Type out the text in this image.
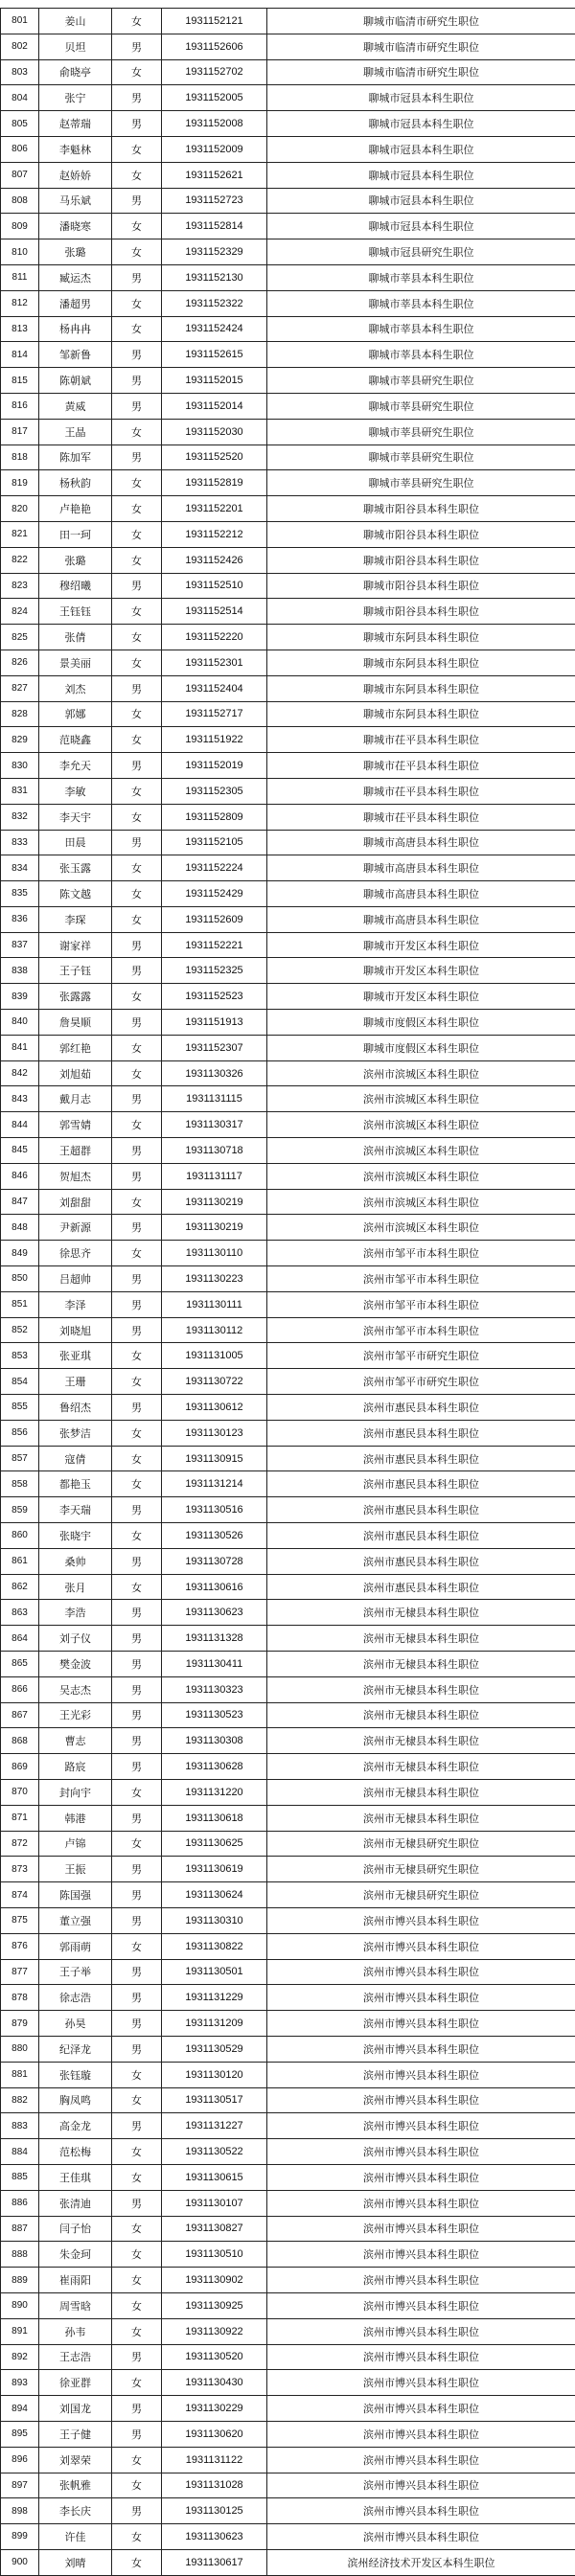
801	姜山	女	1931152121	聊城市临清市研究生职位
802	贝坦	男	1931152606	聊城市临清市研究生职位
803	俞晓亭	女	1931152702	聊城市临清市研究生职位
804	张宁	男	1931152005	聊城市冠县本科生职位
805	赵蒂瑞	男	1931152008	聊城市冠县本科生职位
806	李魁林	女	1931152009	聊城市冠县本科生职位
807	赵娇娇	女	1931152621	聊城市冠县本科生职位
808	马乐斌	男	1931152723	聊城市冠县本科生职位
809	潘晓寒	女	1931152814	聊城市冠县本科生职位
810	张璐	女	1931152329	聊城市冠县研究生职位
811	臧运杰	男	1931152130	聊城市莘县本科生职位
812	潘超男	女	1931152322	聊城市莘县本科生职位
813	杨冉冉	女	1931152424	聊城市莘县本科生职位
814	邹新鲁	男	1931152615	聊城市莘县本科生职位
815	陈朝斌	男	1931152015	聊城市莘县研究生职位
816	黄威	男	1931152014	聊城市莘县研究生职位
817	王晶	女	1931152030	聊城市莘县研究生职位
818	陈加军	男	1931152520	聊城市莘县研究生职位
819	杨秋韵	女	1931152819	聊城市莘县研究生职位
820	卢艳艳	女	1931152201	聊城市阳谷县本科生职位
821	田一珂	女	1931152212	聊城市阳谷县本科生职位
822	张璐	女	1931152426	聊城市阳谷县本科生职位
823	穆绍曦	男	1931152510	聊城市阳谷县本科生职位
824	王钰钰	女	1931152514	聊城市阳谷县本科生职位
825	张倩	女	1931152220	聊城市东阿县本科生职位
826	景美丽	女	1931152301	聊城市东阿县本科生职位
827	刘杰	男	1931152404	聊城市东阿县本科生职位
828	郭娜	女	1931152717	聊城市东阿县本科生职位
829	范晓鑫	女	1931151922	聊城市茌平县本科生职位
830	李允天	男	1931152019	聊城市茌平县本科生职位
831	李敏	女	1931152305	聊城市茌平县本科生职位
832	李天宇	女	1931152809	聊城市茌平县本科生职位
833	田晨	男	1931152105	聊城市高唐县本科生职位
834	张玉露	女	1931152224	聊城市高唐县本科生职位
835	陈文越	女	1931152429	聊城市高唐县本科生职位
836	李琛	女	1931152609	聊城市高唐县本科生职位
837	谢家祥	男	1931152221	聊城市开发区本科生职位
838	王子钰	男	1931152325	聊城市开发区本科生职位
839	张露露	女	1931152523	聊城市开发区本科生职位
840	詹昊顺	男	1931151913	聊城市度假区本科生职位
841	郭红艳	女	1931152307	聊城市度假区本科生职位
842	刘旭茹	女	1931130326	滨州市滨城区本科生职位
843	戴月志	男	1931131115	滨州市滨城区本科生职位
844	郭雪婧	女	1931130317	滨州市滨城区本科生职位
845	王超群	男	1931130718	滨州市滨城区本科生职位
846	贺旭杰	男	1931131117	滨州市滨城区本科生职位
847	刘甜甜	女	1931130219	滨州市滨城区本科生职位
848	尹新源	男	1931130219	滨州市滨城区本科生职位
849	徐思齐	女	1931130110	滨州市邹平市本科生职位
850	吕超帅	男	1931130223	滨州市邹平市本科生职位
851	李泽	男	1931130111	滨州市邹平市本科生职位
852	刘晓旭	男	1931130112	滨州市邹平市本科生职位
853	张亚琪	女	1931131005	滨州市邹平市研究生职位
854	王珊	女	1931130722	滨州市邹平市研究生职位
855	鲁绍杰	男	1931130612	滨州市惠民县本科生职位
856	张梦洁	女	1931130123	滨州市惠民县本科生职位
857	寇倩	女	1931130915	滨州市惠民县本科生职位
858	都艳玉	女	1931131214	滨州市惠民县本科生职位
859	李天瑞	男	1931130516	滨州市惠民县本科生职位
860	张晓宇	女	1931130526	滨州市惠民县本科生职位
861	桑帅	男	1931130728	滨州市惠民县本科生职位
862	张月	女	1931130616	滨州市惠民县本科生职位
863	李浩	男	1931130623	滨州市无棣县本科生职位
864	刘子仪	男	1931131328	滨州市无棣县本科生职位
865	樊金波	男	1931130411	滨州市无棣县本科生职位
866	吴志杰	男	1931130323	滨州市无棣县本科生职位
867	王光彩	男	1931130523	滨州市无棣县本科生职位
868	曹志	男	1931130308	滨州市无棣县本科生职位
869	路宸	男	1931130628	滨州市无棣县本科生职位
870	封向宇	女	1931131220	滨州市无棣县本科生职位
871	韩港	男	1931130618	滨州市无棣县本科生职位
872	卢锦	女	1931130625	滨州市无棣县研究生职位
873	王振	男	1931130619	滨州市无棣县研究生职位
874	陈国强	男	1931130624	滨州市无棣县研究生职位
875	董立强	男	1931130310	滨州市博兴县本科生职位
876	郭雨萌	女	1931130822	滨州市博兴县本科生职位
877	王子举	男	1931130501	滨州市博兴县本科生职位
878	徐志浩	男	1931131229	滨州市博兴县本科生职位
879	孙昊	男	1931131209	滨州市博兴县本科生职位
880	纪泽龙	男	1931130529	滨州市博兴县本科生职位
881	张钰璇	女	1931130120	滨州市博兴县本科生职位
882	胸凤鸣	女	1931130517	滨州市博兴县本科生职位
883	高金龙	男	1931131227	滨州市博兴县本科生职位
884	范松梅	女	1931130522	滨州市博兴县本科生职位
885	王佳琪	女	1931130615	滨州市博兴县本科生职位
886	张清迪	男	1931130107	滨州市博兴县本科生职位
887	闫子怡	女	1931130827	滨州市博兴县本科生职位
888	朱金珂	女	1931130510	滨州市博兴县本科生职位
889	崔雨阳	女	1931130902	滨州市博兴县本科生职位
890	周雪晗	女	1931130925	滨州市博兴县本科生职位
891	孙韦	女	1931130922	滨州市博兴县本科生职位
892	王志浩	男	1931130520	滨州市博兴县本科生职位
893	徐亚群	女	1931130430	滨州市博兴县本科生职位
894	刘国龙	男	1931130229	滨州市博兴县本科生职位
895	王子健	男	1931130620	滨州市博兴县本科生职位
896	刘翠荣	女	1931131122	滨州市博兴县本科生职位
897	张帆雅	女	1931131028	滨州市博兴县本科生职位
898	李长庆	男	1931130125	滨州市博兴县本科生职位
899	许佳	女	1931130623	滨州市博兴县本科生职位
900	刘晴	女	1931130617	滨州经济技术开发区本科生职位
